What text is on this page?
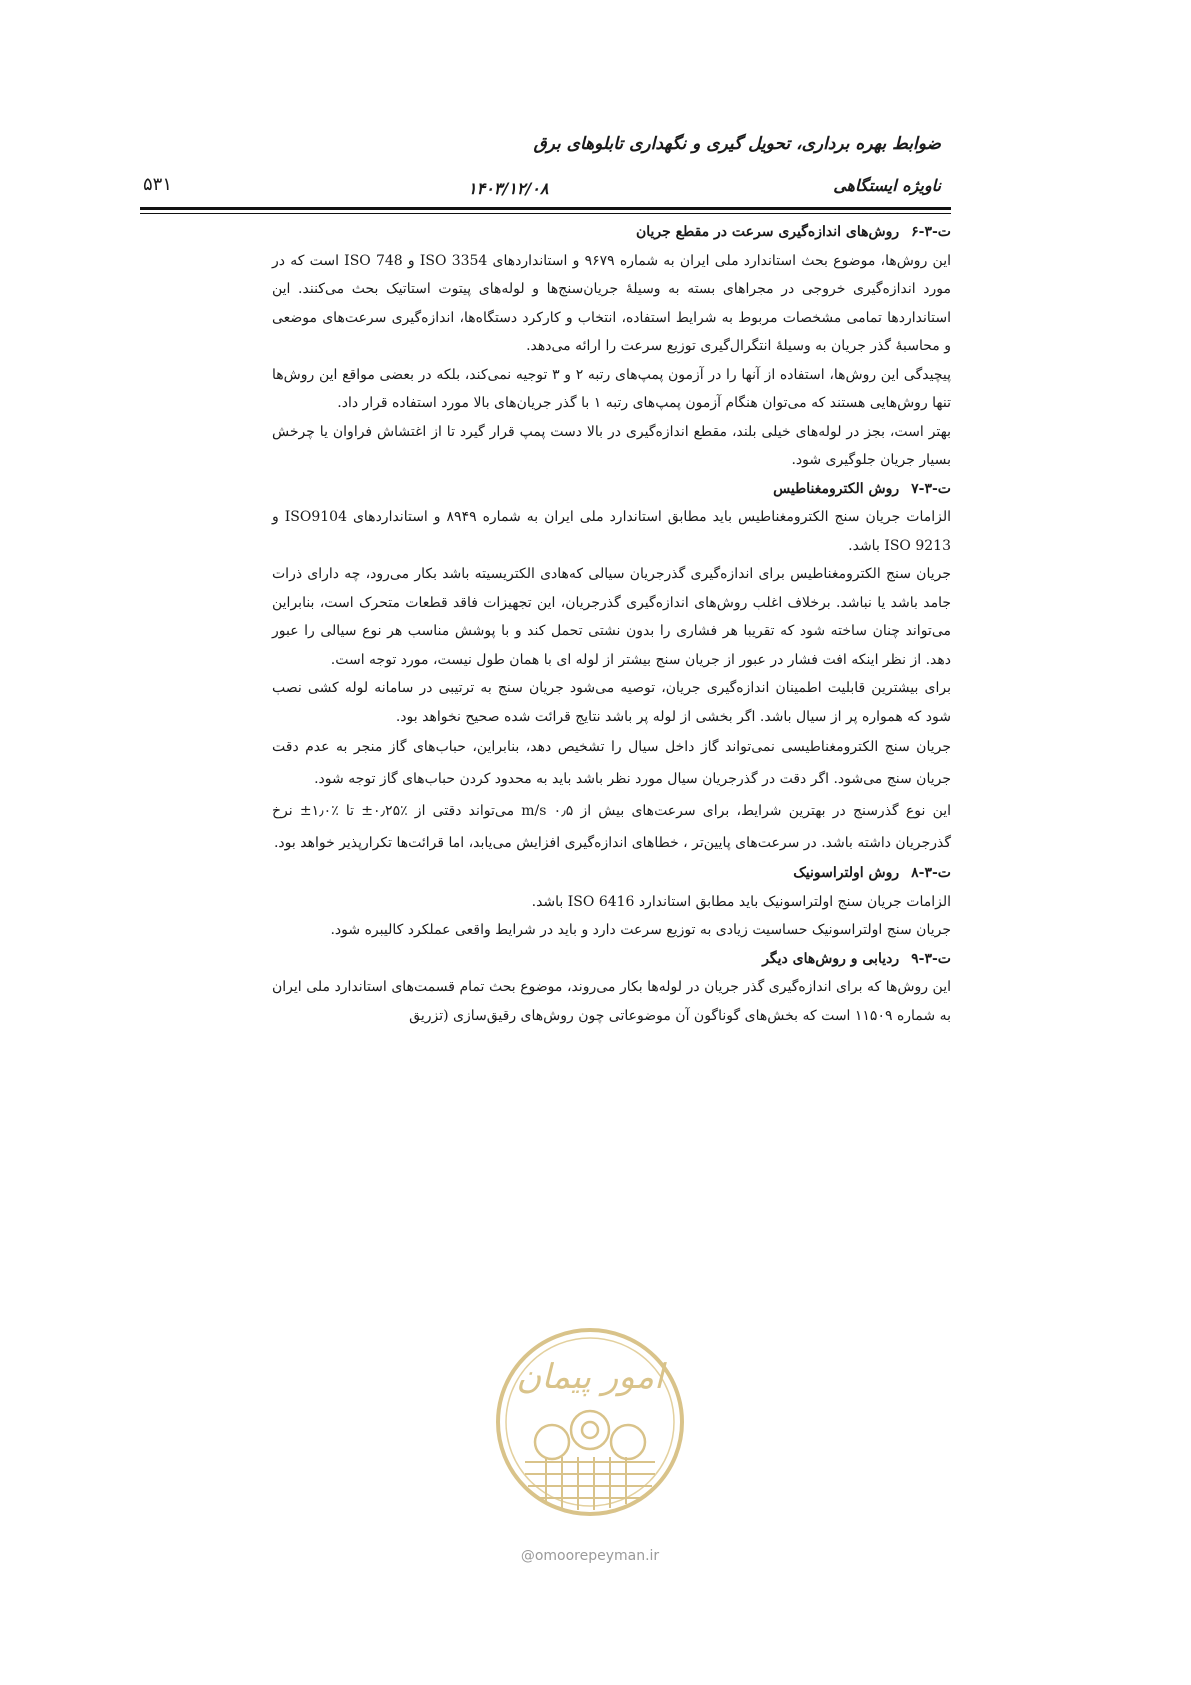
ضوابط بهره برداری، تحویل گیری و نگهداری تابلوهای برق
۵۳۱	۱۴۰۳/۱۲/۰۸	ناویژه ایستگاهی

ت-۳-۶روش‌های اندازه‌گیری سرعت در مقطع جریان

این روش‌ها، موضوع بحث استاندارد ملی ایران به شماره ۹۶۷۹ و استانداردهای ISO 3354 و ISO 748 است که در مورد اندازه‌گیری خروجی در مجراهای بسته به وسیلهٔ جریان‌سنج‌ها و لوله‌های پیتوت استاتیک بحث می‌کنند. این استانداردها تمامی مشخصات مربوط به شرایط استفاده، انتخاب و کارکرد دستگاه‌ها، اندازه‌گیری سرعت‌های موضعی و محاسبهٔ گذر جریان به وسیلهٔ انتگرال‌گیری توزیع سرعت را ارائه می‌دهد.

پیچیدگی این روش‌ها، استفاده از آنها را در آزمون پمپ‌های رتبه ۲ و ۳ توجیه نمی‌کند، بلکه در بعضی مواقع این روش‌ها تنها روش‌هایی هستند که می‌توان هنگام آزمون پمپ‌های رتبه ۱ با گذر جریان‌های بالا مورد استفاده قرار داد.

بهتر است، بجز در لوله‌های خیلی بلند، مقطع اندازه‌گیری در بالا دست پمپ قرار گیرد تا از اغتشاش فراوان یا چرخش بسیار جریان جلوگیری شود.

ت-۳-۷روش الکترومغناطیس

الزامات جریان سنج الکترومغناطیس باید مطابق استاندارد ملی ایران به شماره ۸۹۴۹ و استانداردهای ISO9104 و ISO 9213 باشد.

جریان سنج الکترومغناطیس برای اندازه‌گیری گذرجریان سیالی که‌هادی الکتریسیته باشد بکار می‌رود، چه دارای ذرات جامد باشد یا نباشد. برخلاف اغلب روش‌های اندازه‌گیری گذرجریان، این تجهیزات فاقد قطعات متحرک است، بنابراین می‌تواند چنان ساخته شود که تقریبا هر فشاری را بدون نشتی تحمل کند و با پوشش مناسب هر نوع سیالی را عبور دهد. از نظر اینکه افت فشار در عبور از جریان سنج بیشتر از لوله ای با همان طول نیست، مورد توجه است.

برای بیشترین قابلیت اطمینان اندازه‌گیری جریان، توصیه می‌شود جریان سنج به ترتیبی در سامانه لوله کشی نصب شود که همواره پر از سیال باشد. اگر بخشی از لوله پر باشد نتایج قرائت شده صحیح نخواهد بود.

جریان سنج الکترومغناطیسی نمی‌تواند گاز داخل سیال را تشخیص دهد، بنابراین، حباب‌های گاز منجر به عدم دقت جریان سنج می‌شود. اگر دقت در گذرجریان سیال مورد نظر باشد باید به محدود کردن حباب‌های گاز توجه شود.

این نوع گذرسنج در بهترین شرایط، برای سرعت‌های بیش از ۰٫۵ m/s می‌تواند دقتی از ٪۰٫۲۵± تا ٪۱٫۰± نرخ گذرجریان داشته باشد. در سرعت‌های پایین‌تر ، خطاهای اندازه‌گیری افزایش می‌یابد، اما قرائت‌ها تکرارپذیر خواهد بود.

ت-۳-۸روش اولتراسونیک

الزامات جریان سنج اولتراسونیک باید مطابق استاندارد ISO 6416 باشد.

جریان سنج اولتراسونیک حساسیت زیادی به توزیع سرعت دارد و باید در شرایط واقعی عملکرد کالیبره شود.

ت-۳-۹ردیابی و روش‌های دیگر

این روش‌ها که برای اندازه‌گیری گذر جریان در لوله‌ها بکار می‌روند، موضوع بحث تمام قسمت‌های استاندارد ملی ایران به شماره ۱۱۵۰۹ است که بخش‌های گوناگون آن موضوعاتی چون روش‌های رقیق‌سازی (تزریق

امور پیمان
@omoorepeyman.ir
